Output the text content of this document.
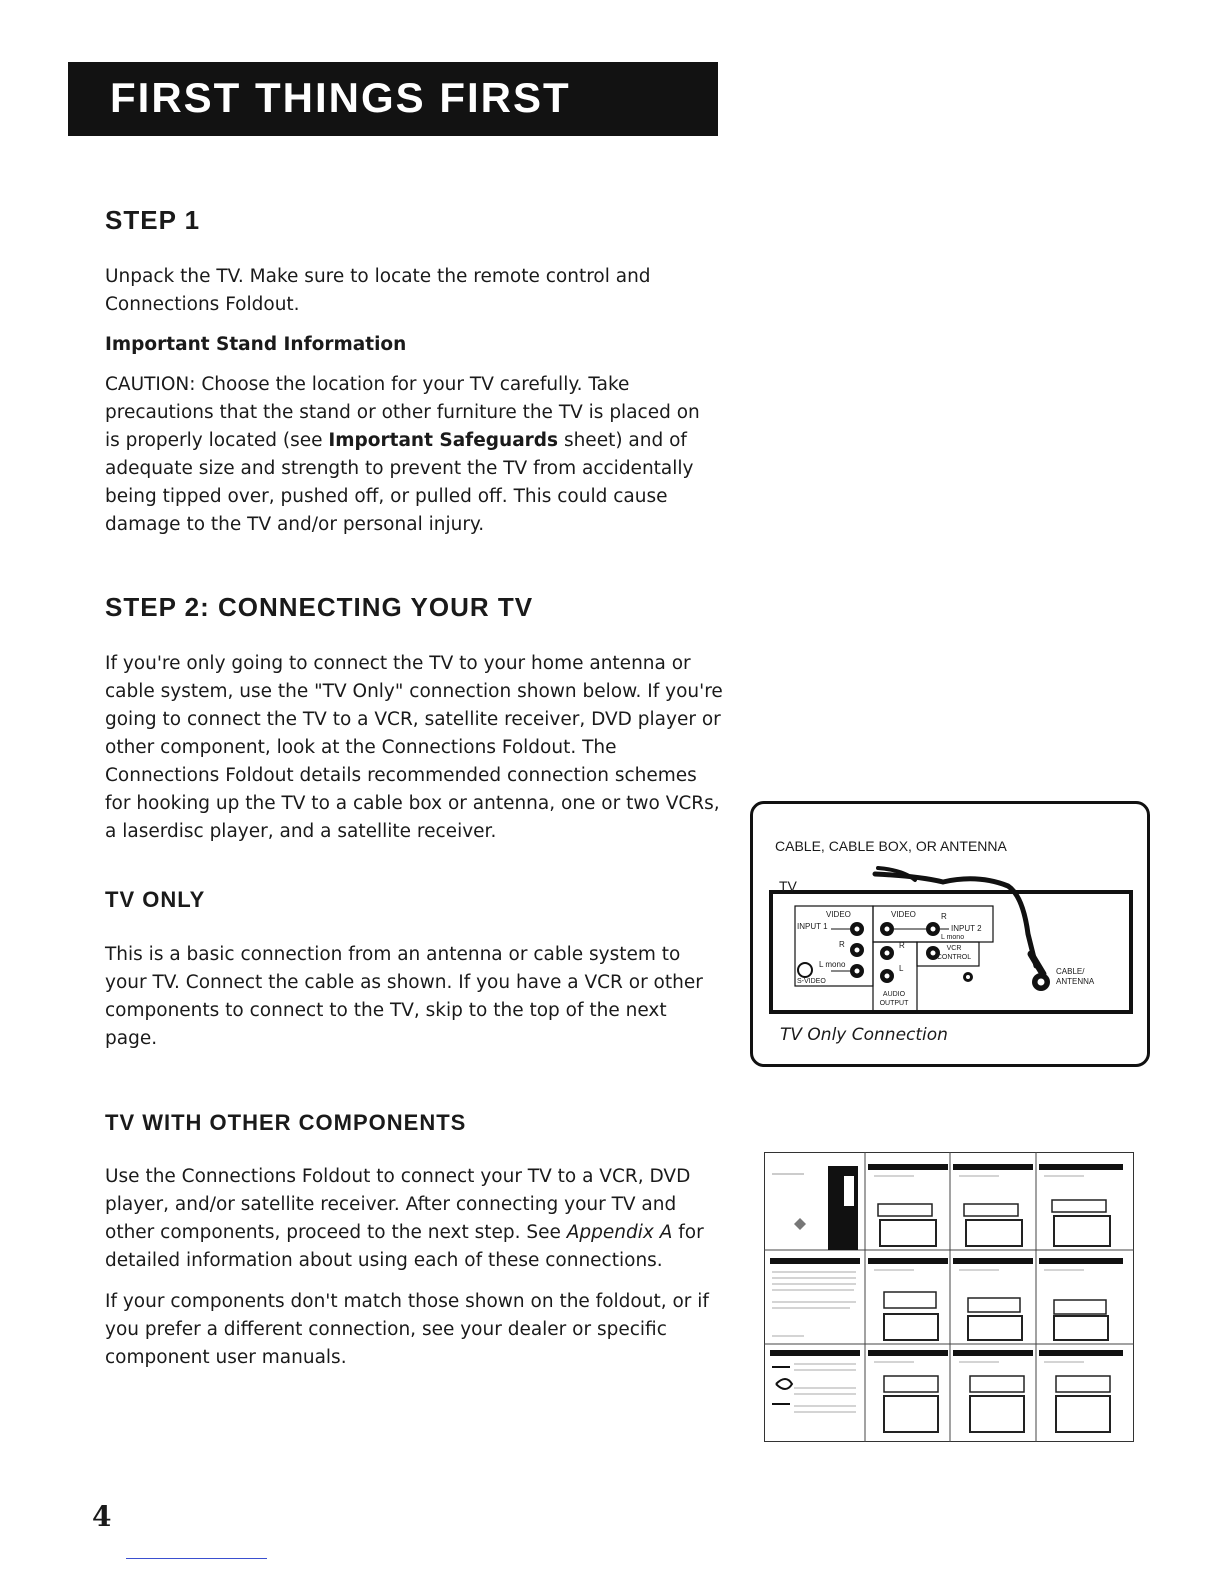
FIRST THINGS FIRST
STEP 1

Unpack the TV. Make sure to locate the remote control and Connections Foldout.

Important Stand Information

CAUTION: Choose the location for your TV carefully. Take precautions that the stand or other furniture the TV is placed on is properly located (see Important Safeguards sheet) and of adequate size and strength to prevent the TV from accidentally being tipped over, pushed off, or pulled off. This could cause damage to the TV and/or personal injury.

STEP 2: CONNECTING YOUR TV

If you're only going to connect the TV to your home antenna or cable system, use the "TV Only" connection shown below. If you're going to connect the TV to a VCR, satellite receiver, DVD player or other component, look at the Connections Foldout. The Connections Foldout details recommended connection schemes for hooking up the TV to a cable box or antenna, one or two VCRs, a laserdisc player, and a satellite receiver.

TV ONLY

This is a basic connection from an antenna or cable system to your TV. Connect the cable as shown. If you have a VCR or other components to connect to the TV, skip to the top of the next page.

TV WITH OTHER COMPONENTS

Use the Connections Foldout to connect your TV to a VCR, DVD player, and/or satellite receiver. After connecting your TV and other components, proceed to the next step. See Appendix A for detailed information about using each of these connections.

If your components don't match those shown on the foldout, or if you prefer a different connection, see your dealer or specific component user manuals.

CABLE, CABLE BOX, OR ANTENNA
TV
VIDEO
INPUT 1
R
L mono
S-VIDEO
VIDEO	R
INPUT 2
L mono
R
L
AUDIO OUTPUT
VCR CONTROL
CABLE/ ANTENNA
TV Only Connection
4
